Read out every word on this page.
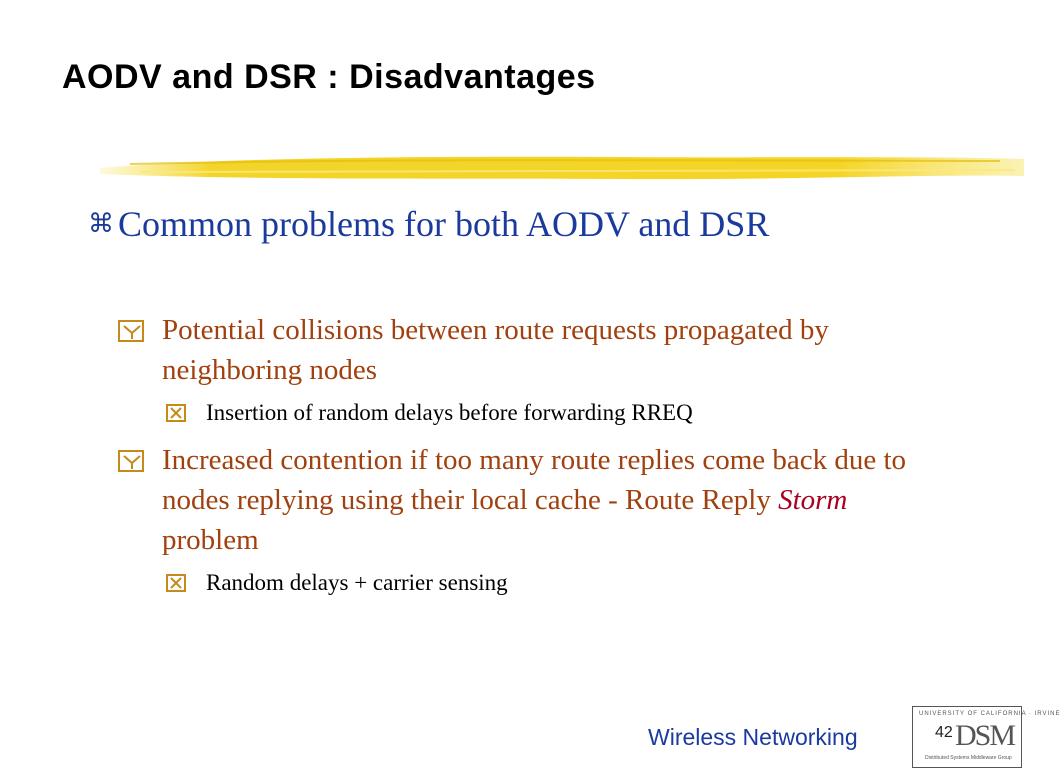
AODV and DSR : Disadvantages
⌘ Common problems for both AODV and DSR
Potential collisions between route requests propagated by neighboring nodes
Insertion of random delays before forwarding RREQ
Increased contention if too many route replies come back due to nodes replying using their local cache - Route Reply Storm problem
Random delays + carrier sensing
Wireless Networking
UNIVERSITY OF CALIFORNIA · IRVINE
DSM
Distributed Systems Middleware Group
42
